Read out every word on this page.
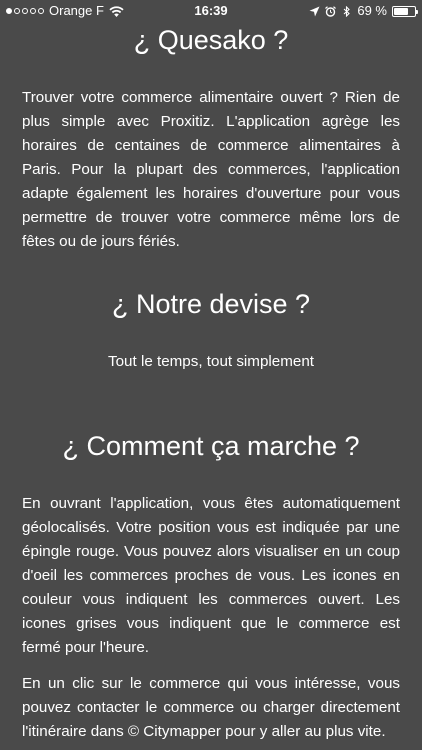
Orange F	16:39	69 %
¿ Quesako ?

Trouver votre commerce alimentaire ouvert ? Rien de plus simple avec Proxitiz. L'application agrège les horaires de centaines de commerce alimentaires à Paris. Pour la plupart des commerces, l'application adapte également les horaires d'ouverture pour vous permettre de trouver votre commerce même lors de fêtes ou de jours fériés.

¿ Notre devise ?

Tout le temps, tout simplement

¿ Comment ça marche ?

En ouvrant l'application, vous êtes automatiquement géolocalisés. Votre position vous est indiquée par une épingle rouge. Vous pouvez alors visualiser en un coup d'oeil les commerces proches de vous. Les icones en couleur vous indiquent les commerces ouvert. Les icones grises vous indiquent que le commerce est fermé pour l'heure.

En un clic sur le commerce qui vous intéresse, vous pouvez contacter le commerce ou charger directement l'itinéraire dans © Citymapper pour y aller au plus vite.
